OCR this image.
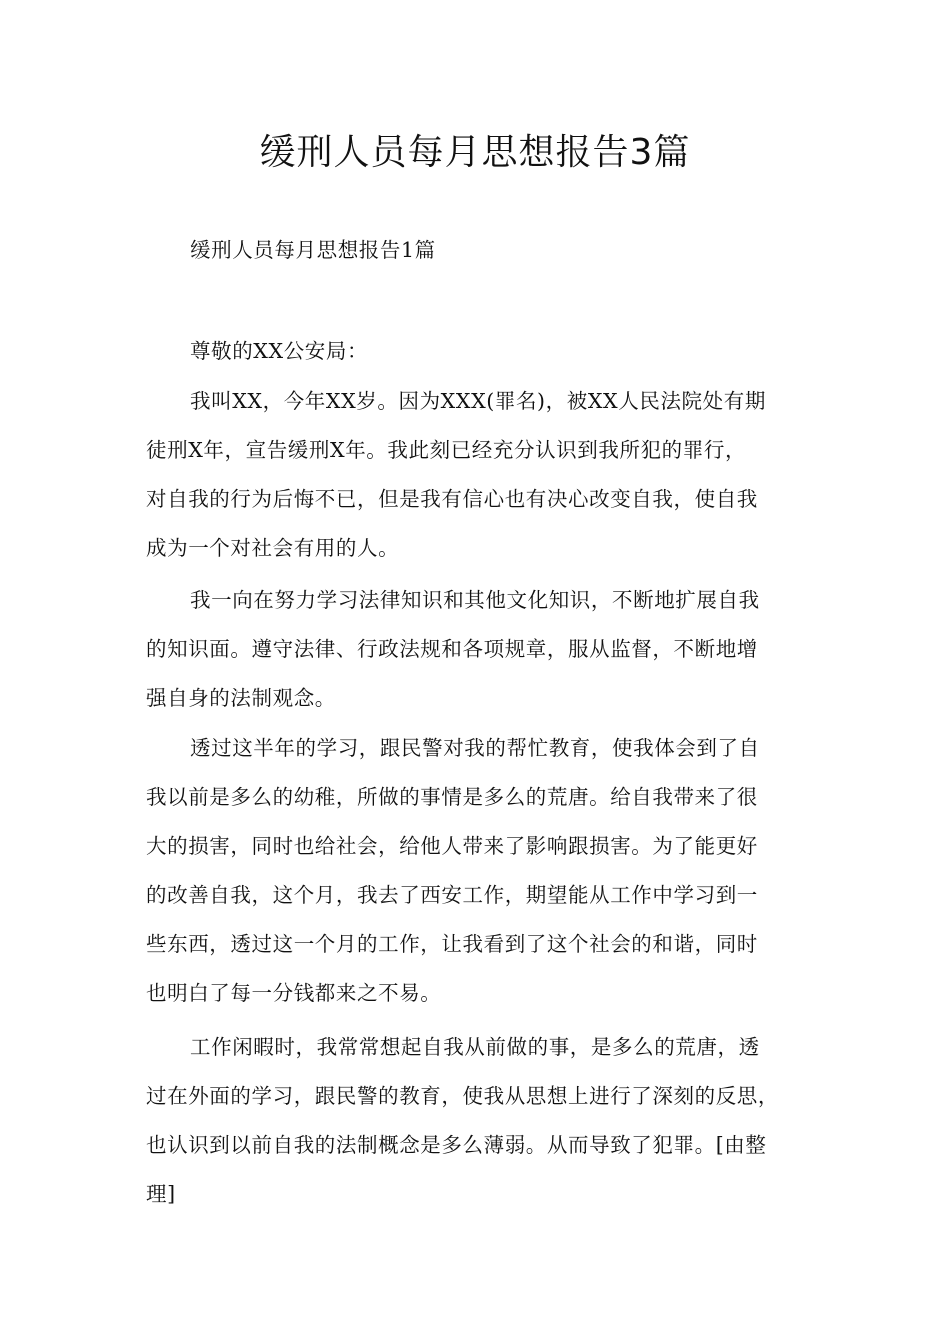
缓刑人员每月思想报告3篇

缓刑人员每月思想报告1篇

尊敬的XX公安局：

我叫XX，今年XX岁。因为XXX(罪名)，被XX人民法院处有期
徒刑X年，宣告缓刑X年。我此刻已经充分认识到我所犯的罪行，
对自我的行为后悔不已，但是我有信心也有决心改变自我，使自我
成为一个对社会有用的人。
我一向在努力学习法律知识和其他文化知识，不断地扩展自我
的知识面。遵守法律、行政法规和各项规章，服从监督，不断地增
强自身的法制观念。
透过这半年的学习，跟民警对我的帮忙教育，使我体会到了自
我以前是多么的幼稚，所做的事情是多么的荒唐。给自我带来了很
大的损害，同时也给社会，给他人带来了影响跟损害。为了能更好
的改善自我，这个月，我去了西安工作，期望能从工作中学习到一
些东西，透过这一个月的工作，让我看到了这个社会的和谐，同时
也明白了每一分钱都来之不易。
工作闲暇时，我常常想起自我从前做的事，是多么的荒唐，透
过在外面的学习，跟民警的教育，使我从思想上进行了深刻的反思，
也认识到以前自我的法制概念是多么薄弱。从而导致了犯罪。[由整
理]
